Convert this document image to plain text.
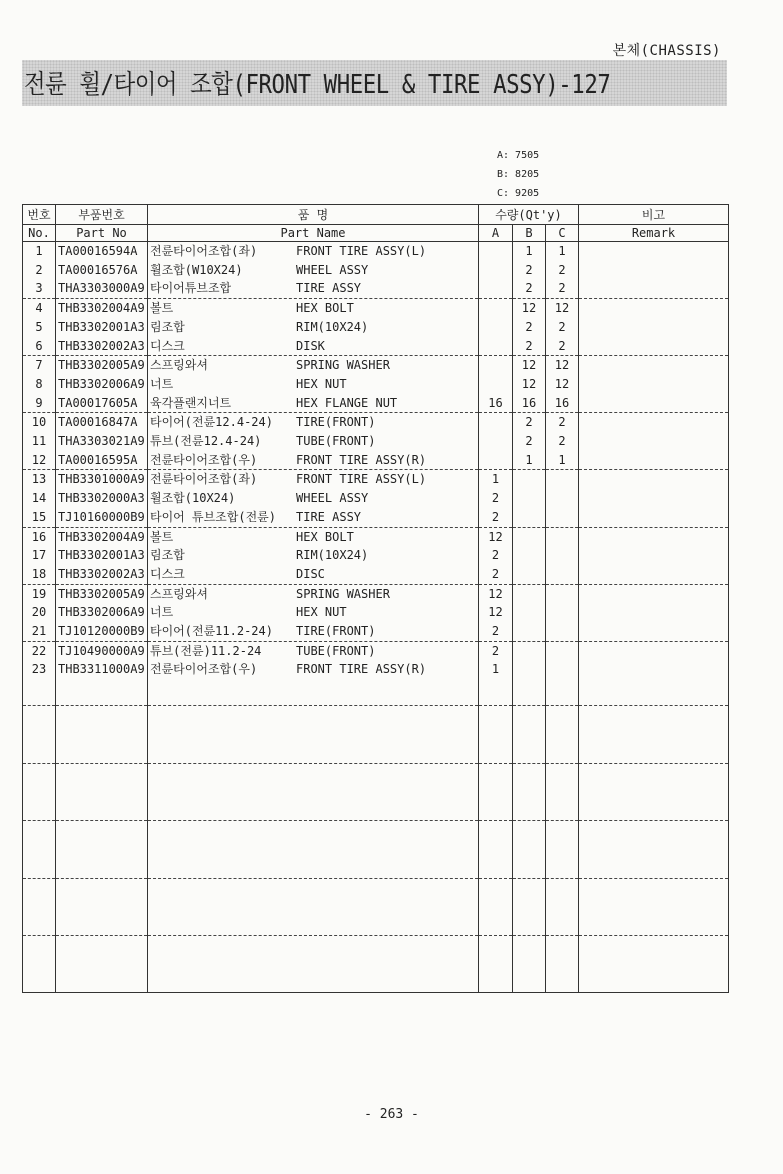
본체(CHASSIS)
전륜 휠/타이어 조합(FRONT WHEEL & TIRE ASSY)-127
A: 7505
B: 8205
C: 9205
번호	부품번호	품 명	수량(Qt'y)			비고
No.	Part No	Part Name	A	B	C	Remark
1	TA00016594A	전륜타이어조합(좌) FRONT TIRE ASSY(L)		1	1	
2	TA00016576A	휠조합(W10X24) WHEEL ASSY		2	2	
3	THA3303000A9	타이어튜브조합 TIRE ASSY		2	2	
4	THB3302004A9	볼트 HEX BOLT		12	12	
5	THB3302001A3	림조합 RIM(10X24)		2	2	
6	THB3302002A3	디스크 DISK		2	2	
7	THB3302005A9	스프링와셔 SPRING WASHER		12	12	
8	THB3302006A9	너트 HEX NUT		12	12	
9	TA00017605A	육각플랜지너트 HEX FLANGE NUT	16	16	16	
10	TA00016847A	타이어(전륜12.4-24) TIRE(FRONT)		2	2	
11	THA3303021A9	튜브(전륜12.4-24) TUBE(FRONT)		2	2	
12	TA00016595A	전륜타이어조합(우) FRONT TIRE ASSY(R)		1	1	
13	THB3301000A9	전륜타이어조합(좌) FRONT TIRE ASSY(L)	1			
14	THB3302000A3	휠조합(10X24) WHEEL ASSY	2			
15	TJ10160000B9	타이어 튜브조합(전륜) TIRE ASSY	2			
16	THB3302004A9	볼트 HEX BOLT	12			
17	THB3302001A3	림조합 RIM(10X24)	2			
18	THB3302002A3	디스크 DISC	2			
19	THB3302005A9	스프링와셔 SPRING WASHER	12			
20	THB3302006A9	너트 HEX NUT	12			
21	TJ10120000B9	타이어(전륜11.2-24) TIRE(FRONT)	2			
22	TJ10490000A9	튜브(전륜)11.2-24 TUBE(FRONT)	2			
23	THB3311000A9	전륜타이어조합(우) FRONT TIRE ASSY(R)	1			

- 263 -
